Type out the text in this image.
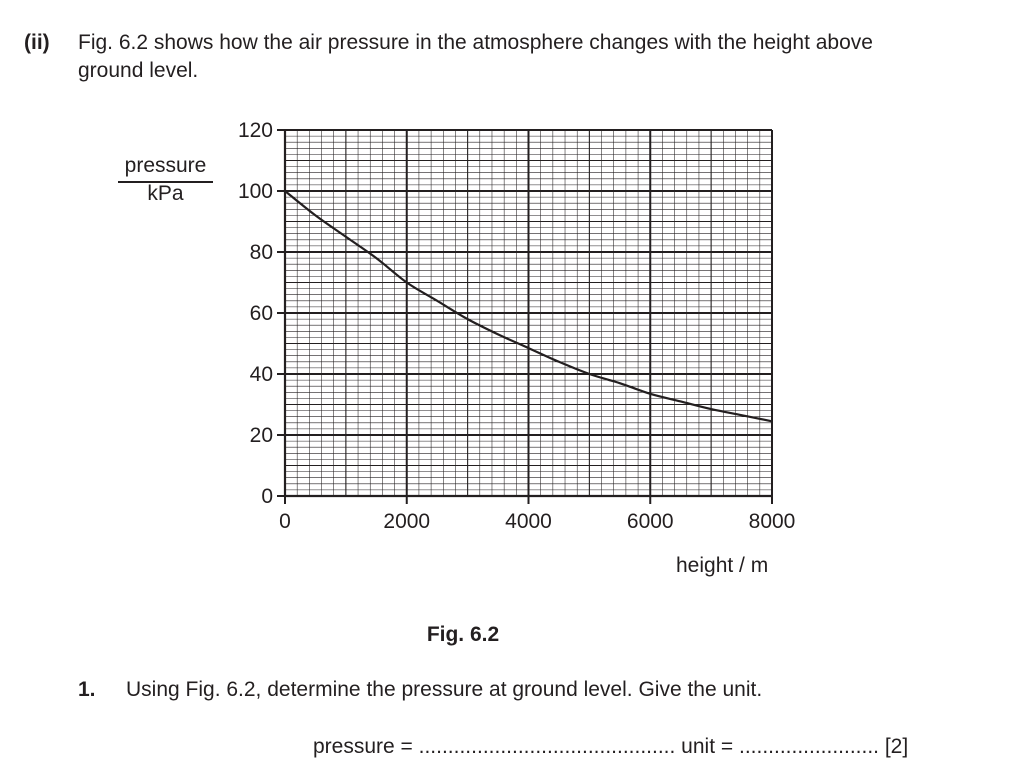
(ii) Fig. 6.2 shows how the air pressure in the atmosphere changes with the height above
ground level.
pressure
kPa
0
20
40
60
80
100
120
0	2000	4000	6000	8000
height / m
Fig. 6.2
1. Using Fig. 6.2, determine the pressure at ground level. Give the unit.
pressure = ............................................ unit = ........................ [2]
